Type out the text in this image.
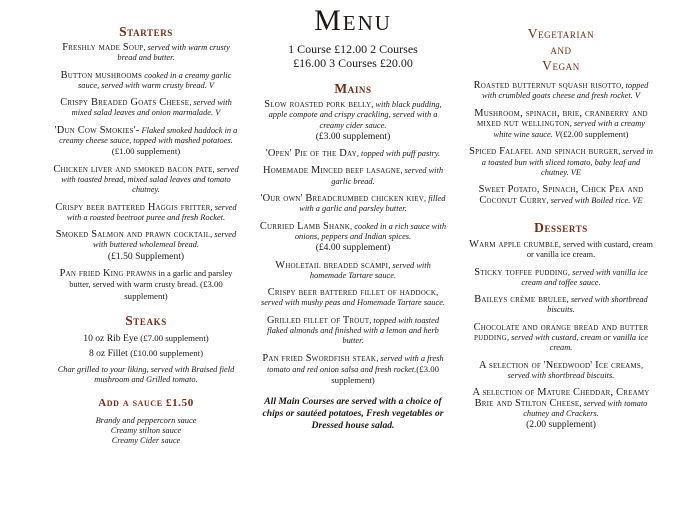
Starters
Freshly made Soup, served with warm crusty bread and butter.
Button mushrooms cooked in a creamy garlic sauce, served with warm crusty bread. V
Crispy Breaded Goats Cheese, served with mixed salad leaves and onion marmalade. V
'Dun Cow Smokies'- Flaked smoked haddock in a creamy cheese sauce, topped with mashed potatoes.(£1.00 supplement)
Chicken liver and smoked bacon pate, served with toasted bread, mixed salad leaves and tomato chutney.
Crispy beer battered Haggis fritter, served with a roasted beetroot puree and fresh Rocket.
Smoked Salmon and prawn cocktail, served with buttered wholemeal bread.
(£1.50 Supplement)
Pan fried King prawns in a garlic and parsley butter, served with warm crusty bread. (£3.00 supplement)
Steaks
10 oz Rib Eye (£7.00 supplement)
8 oz Fillet (£10.00 supplement)
Char grilled to your liking, served with Braised field mushroom and Grilled tomato.
Add a sauce £1.50
Brandy and peppercorn sauce
Creamy stilton sauce
Creamy Cider sauce
Menu
1 Course £12.00 2 Courses
£16.00 3 Courses £20.00
Mains
Slow roasted pork belly, with black pudding, apple compote and crispy crackling, served with a creamy cider sauce.
(£3.00 supplement)
'Open' Pie of the Day, topped with puff pastry.
Homemade Minced beef lasagne, served with garlic bread.
'Our own' Breadcrumbed chicken kiev, filled with a garlic and parsley butter.
Curried Lamb Shank, cooked in a rich sauce with onions, peppers and Indian spices.
(£4.00 supplement)
Wholetail breaded scampi, served with homemade Tartare sauce.
Crispy beer battered fillet of haddock, served with mushy peas and Homemade Tartare sauce.
Grilled fillet of Trout, topped with toasted flaked almonds and finished with a lemon and herb butter.
Pan fried Swordfish steak, served with a fresh tomato and red onion salsa and fresh rocket.(£3.00 supplement)
All Main Courses are served with a choice of chips or sautéed potatoes, Fresh vegetables or Dressed house salad.
Vegetarian
and
Vegan
Roasted butternut squash risotto, topped with crumbled goats cheese and fresh rocket. V
Mushroom, spinach, brie, cranberry and mixed nut wellington, served with a creamy white wine sauce. V(£2.00 supplement)
Spiced Falafel and spinach burger, served in a toasted bun with sliced tomato, baby leaf and chutney. VE
Sweet Potato, Spinach, Chick Pea and Coconut Curry, served with Boiled rice. VE
Desserts
Warm apple crumble, served with custard, cream or vanilla ice cream.
Sticky toffee pudding, served with vanilla ice cream and toffee sauce.
Baileys crème brulee, served with shortbread biscuits.
Chocolate and orange bread and butter pudding, served with custard, cream or vanilla ice cream.
A selection of 'Needwood' Ice creams, served with shortbread biscuits.
A selection of Mature Cheddar, Creamy Brie and Stilton Cheese, served with tomato chutney and Crackers.
(2.00 supplement)
